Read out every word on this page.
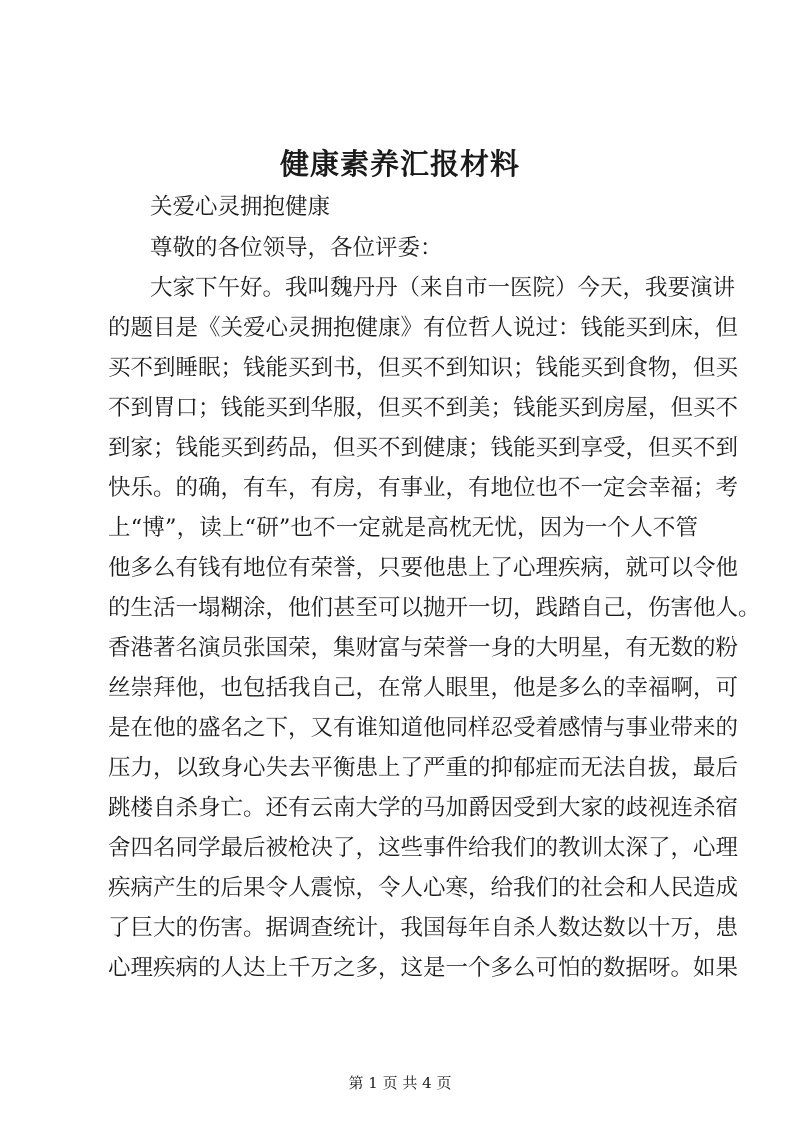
健康素养汇报材料
关爱心灵拥抱健康
尊敬的各位领导，各位评委：
大家下午好。我叫魏丹丹（来自市一医院）今天，我要演讲
的题目是《关爱心灵拥抱健康》有位哲人说过：钱能买到床，但
买不到睡眠；钱能买到书，但买不到知识；钱能买到食物，但买
不到胃口；钱能买到华服，但买不到美；钱能买到房屋，但买不
到家；钱能买到药品，但买不到健康；钱能买到享受，但买不到
快乐。的确，有车，有房，有事业，有地位也不一定会幸福；考
上“博”，读上“研”也不一定就是高枕无忧，因为一个人不管
他多么有钱有地位有荣誉，只要他患上了心理疾病，就可以令他
的生活一塌糊涂，他们甚至可以抛开一切，践踏自己，伤害他人。
香港著名演员张国荣，集财富与荣誉一身的大明星，有无数的粉
丝崇拜他，也包括我自己，在常人眼里，他是多么的幸福啊，可
是在他的盛名之下，又有谁知道他同样忍受着感情与事业带来的
压力，以致身心失去平衡患上了严重的抑郁症而无法自拔，最后
跳楼自杀身亡。还有云南大学的马加爵因受到大家的歧视连杀宿
舍四名同学最后被枪决了，这些事件给我们的教训太深了，心理
疾病产生的后果令人震惊，令人心寒，给我们的社会和人民造成
了巨大的伤害。据调查统计，我国每年自杀人数达数以十万，患
心理疾病的人达上千万之多，这是一个多么可怕的数据呀。如果
第 1 页 共 4 页
